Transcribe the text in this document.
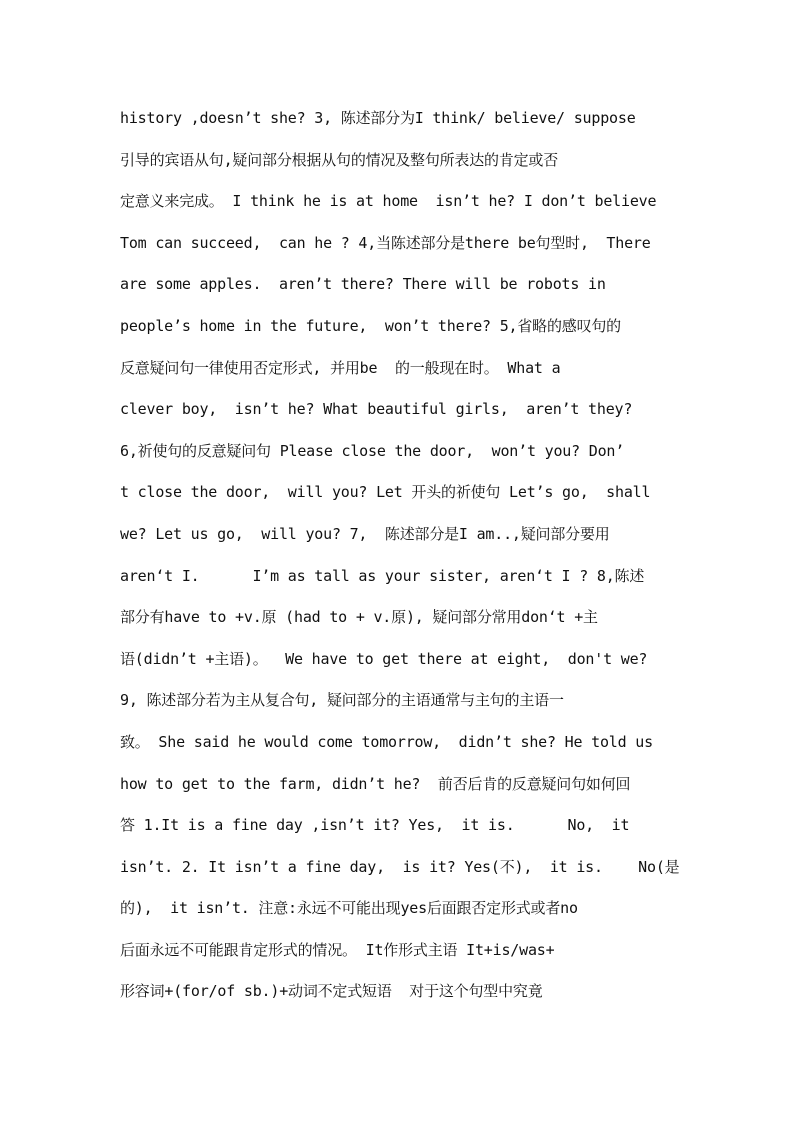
history ,doesn’t she? 3, 陈述部分为I think/ believe/ suppose
引导的宾语从句,疑问部分根据从句的情况及整句所表达的肯定或否
定意义来完成。 I think he is at home  isn’t he? I don’t believe
Tom can succeed,  can he ? 4,当陈述部分是there be句型时,  There
are some apples.  aren’t there? There will be robots in
people’s home in the future,  won’t there? 5,省略的感叹句的
反意疑问句一律使用否定形式, 并用be  的一般现在时。 What a
clever boy,  isn’t he? What beautiful girls,  aren’t they?
6,祈使句的反意疑问句 Please close the door,  won’t you? Don’
t close the door,  will you? Let 开头的祈使句 Let’s go,  shall
we? Let us go,  will you? 7,  陈述部分是I am..,疑问部分要用
aren‘t I.      I’m as tall as your sister, aren‘t I ? 8,陈述
部分有have to +v.原 (had to + v.原), 疑问部分常用don‘t +主
语(didn’t +主语)。  We have to get there at eight,  don't we?
9, 陈述部分若为主从复合句, 疑问部分的主语通常与主句的主语一
致。 She said he would come tomorrow,  didn’t she? He told us
how to get to the farm, didn’t he?  前否后肯的反意疑问句如何回
答 1.It is a fine day ,isn’t it? Yes,  it is.      No,  it
isn’t. 2. It isn’t a fine day,  is it? Yes(不),  it is.    No(是
的),  it isn’t. 注意:永远不可能出现yes后面跟否定形式或者no
后面永远不可能跟肯定形式的情况。 It作形式主语 It+is/was+
形容词+(for/of sb.)+动词不定式短语  对于这个句型中究竟
